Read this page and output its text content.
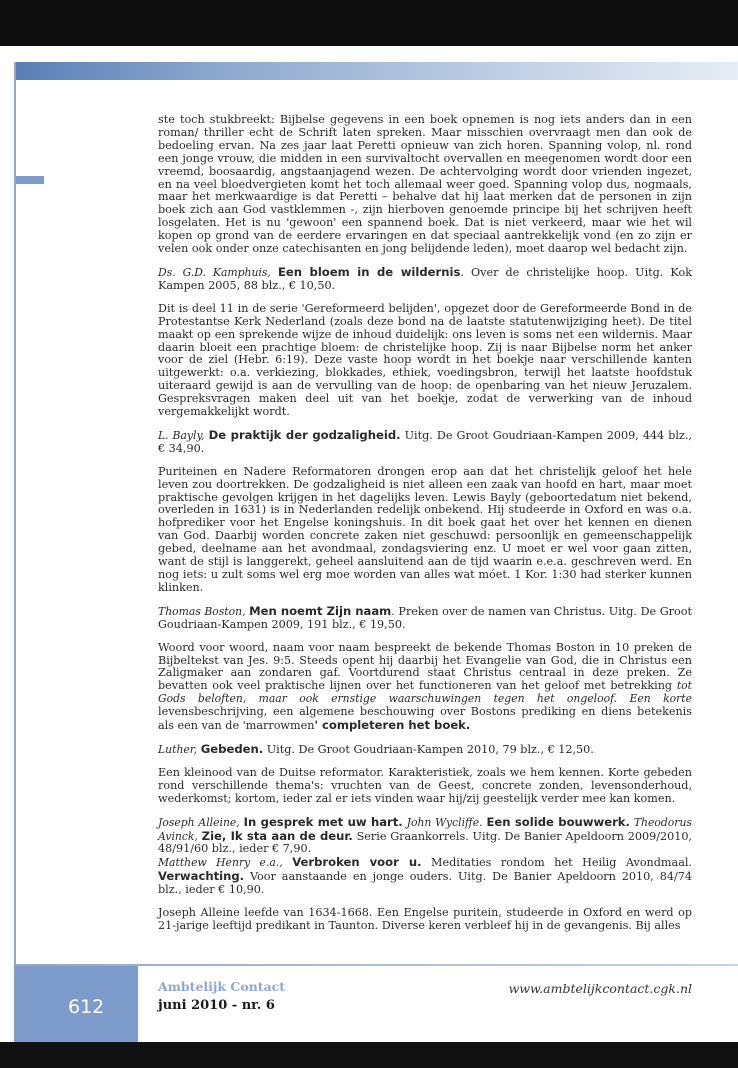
ste toch stukbreekt: Bijbelse gegevens in een boek opnemen is nog iets anders dan in een roman/ thriller echt de Schrift laten spreken. Maar misschien overvraagt men dan ook de bedoeling ervan. Na zes jaar laat Peretti opnieuw van zich horen. Spanning volop, nl. rond een jonge vrouw, die midden in een survivaltocht overvallen en meegenomen wordt door een vreemd, boosaardig, angstaanjagend wezen. De achtervolging wordt door vrienden ingezet, en na veel bloedvergieten komt het toch allemaal weer goed. Spanning volop dus, nogmaals, maar het merkwaardige is dat Peretti – behalve dat hij laat merken dat de personen in zijn boek zich aan God vastklemmen -, zijn hierboven genoemde principe bij het schrijven heeft losgelaten. Het is nu 'gewoon' een spannend boek. Dat is niet verkeerd, maar wie het wil kopen op grond van de eerdere ervaringen en dat speciaal aantrekkelijk vond (en zo zijn er velen ook onder onze catechisanten en jong belijdende leden), moet daarop wel bedacht zijn.

Ds. G.D. Kamphuis, Een bloem in de wildernis. Over de christelijke hoop. Uitg. Kok Kampen 2005, 88 blz., € 10,50.

Dit is deel 11 in de serie 'Gereformeerd belijden', opgezet door de Gereformeerde Bond in de Protestantse Kerk Nederland (zoals deze bond na de laatste statutenwijziging heet). De titel maakt op een sprekende wijze de inhoud duidelijk: ons leven is soms net een wildernis. Maar daarin bloeit een prachtige bloem: de christelijke hoop. Zij is naar Bijbelse norm het anker voor de ziel (Hebr. 6:19). Deze vaste hoop wordt in het boekje naar verschillende kanten uitgewerkt: o.a. verkiezing, blokkades, ethiek, voedingsbron, terwijl het laatste hoofdstuk uiteraard gewijd is aan de vervulling van de hoop: de openbaring van het nieuw Jeruzalem. Gespreksvragen maken deel uit van het boekje, zodat de verwerking van de inhoud vergemakkelijkt wordt.

L. Bayly, De praktijk der godzaligheid. Uitg. De Groot Goudriaan-Kampen 2009, 444 blz., € 34,90.

Puriteinen en Nadere Reformatoren drongen erop aan dat het christelijk geloof het hele leven zou doortrekken. De godzaligheid is niet alleen een zaak van hoofd en hart, maar moet praktische gevolgen krijgen in het dagelijks leven. Lewis Bayly (geboortedatum niet bekend, overleden in 1631) is in Nederlanden redelijk onbekend. Hij studeerde in Oxford en was o.a. hofprediker voor het Engelse koningshuis. In dit boek gaat het over het kennen en dienen van God. Daarbij worden concrete zaken niet geschuwd: persoonlijk en gemeenschappelijk gebed, deelname aan het avondmaal, zondagsviering enz. U moet er wel voor gaan zitten, want de stijl is langgerekt, geheel aansluitend aan de tijd waarin e.e.a. geschreven werd. En nog iets: u zult soms wel erg moe worden van alles wat móet. 1 Kor. 1:30 had sterker kunnen klinken.

Thomas Boston, Men noemt Zijn naam. Preken over de namen van Christus. Uitg. De Groot Goudriaan-Kampen 2009, 191 blz., € 19,50.

Woord voor woord, naam voor naam bespreekt de bekende Thomas Boston in 10 preken de Bijbeltekst van Jes. 9:5. Steeds opent hij daarbij het Evangelie van God, die in Christus een Zaligmaker aan zondaren gaf. Voortdurend staat Christus centraal in deze preken. Ze bevatten ook veel praktische lijnen over het functioneren van het geloof met betrekking tot Gods beloften, maar ook ernstige waarschuwingen tegen het ongeloof. Een korte levensbeschrijving, een algemene beschouwing over Bostons prediking en diens betekenis als een van de 'marrowmen' completeren het boek.

Luther, Gebeden. Uitg. De Groot Goudriaan-Kampen 2010, 79 blz., € 12,50.

Een kleinood van de Duitse reformator. Karakteristiek, zoals we hem kennen. Korte gebeden rond verschillende thema's: vruchten van de Geest, concrete zonden, levensonderhoud, wederkomst; kortom, ieder zal er iets vinden waar hij/zij geestelijk verder mee kan komen.

Joseph Alleine, In gesprek met uw hart. John Wycliffe. Een solide bouwwerk. Theodorus Avinck, Zie, Ik sta aan de deur. Serie Graankorrels. Uitg. De Banier Apeldoorn 2009/2010, 48/91/60 blz., ieder € 7,90.

Matthew Henry e.a., Verbroken voor u. Meditaties rondom het Heilig Avondmaal. Verwachting. Voor aanstaande en jonge ouders. Uitg. De Banier Apeldoorn 2010, 84/74 blz., ieder € 10,90.

Joseph Alleine leefde van 1634-1668. Een Engelse puritein, studeerde in Oxford en werd op 21-jarige leeftijd predikant in Taunton. Diverse keren verbleef hij in de gevangenis. Bij alles

612
Ambtelijk Contact
juni 2010 - nr. 6
www.ambtelijkcontact.cgk.nl
